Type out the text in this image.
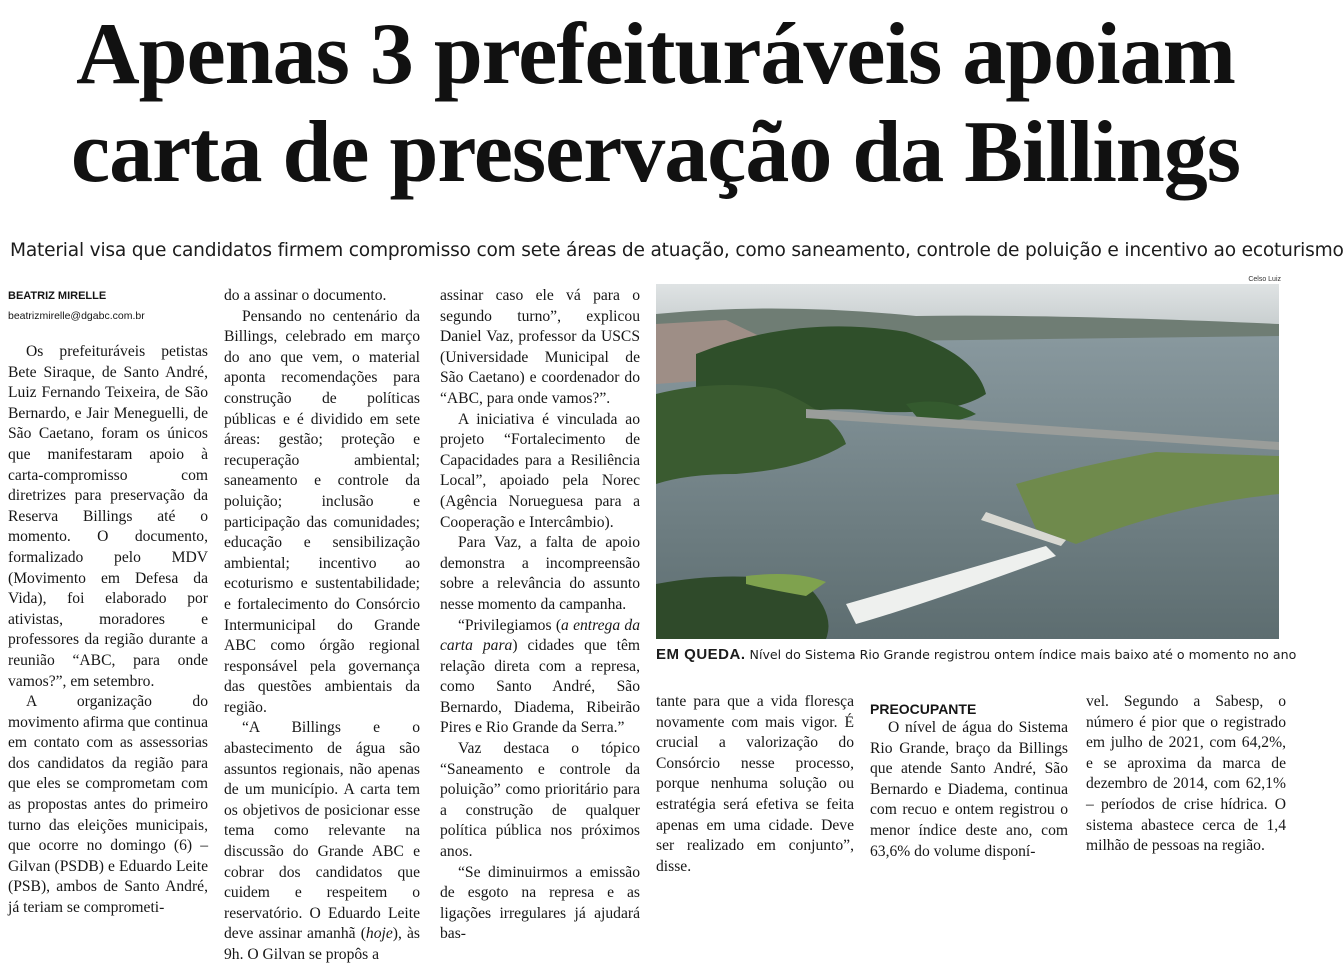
Apenas 3 prefeituráveis apoiam
carta de preservação da Billings
Material visa que candidatos firmem compromisso com sete áreas de atuação, como saneamento, controle de poluição e incentivo ao ecoturismo
Celso Luiz
BEATRIZ MIRELLE
beatrizmirelle@dgabc.com.br

Os prefeituráveis petistas Bete Siraque, de Santo André, Luiz Fernando Teixeira, de São Bernardo, e Jair Meneguelli, de São Caetano, foram os únicos que manifestaram apoio à carta-compromisso com diretrizes para preservação da Reserva Billings até o momento. O documento, formalizado pelo MDV (Movimento em Defesa da Vida), foi elaborado por ativistas, moradores e professores da região durante a reunião “ABC, para onde vamos?”, em setembro.

A organização do movimento afirma que continua em contato com as assessorias dos candidatos da região para que eles se comprometam com as propostas antes do primeiro turno das eleições municipais, que ocorre no domingo (6) – Gilvan (PSDB) e Eduardo Leite (PSB), ambos de Santo André, já teriam se comprometi-

do a assinar o documento.

Pensando no centenário da Billings, celebrado em março do ano que vem, o material aponta recomendações para construção de políticas públicas e é dividido em sete áreas: gestão; proteção e recuperação ambiental; saneamento e controle da poluição; inclusão e participação das comunidades; educação e sensibilização ambiental; incentivo ao ecoturismo e sustentabilidade; e fortalecimento do Consórcio Intermunicipal do Grande ABC como órgão regional responsável pela governança das questões ambientais da região.

“A Billings e o abastecimento de água são assuntos regionais, não apenas de um município. A carta tem os objetivos de posicionar esse tema como relevante na discussão do Grande ABC e cobrar dos candidatos que cuidem e respeitem o reservatório. O Eduardo Leite deve assinar amanhã (hoje), às 9h. O Gilvan se propôs a

assinar caso ele vá para o segundo turno”, explicou Daniel Vaz, professor da USCS (Universidade Municipal de São Caetano) e coordenador do “ABC, para onde vamos?”.

A iniciativa é vinculada ao projeto “Fortalecimento de Capacidades para a Resiliência Local”, apoiado pela Norec (Agência Norueguesa para a Cooperação e Intercâmbio).

Para Vaz, a falta de apoio demonstra a incompreensão sobre a relevância do assunto nesse momento da campanha.

“Privilegiamos (a entrega da carta para) cidades que têm relação direta com a represa, como Santo André, São Bernardo, Diadema, Ribeirão Pires e Rio Grande da Serra.”

Vaz destaca o tópico “Saneamento e controle da poluição” como prioritário para a construção de qualquer política pública nos próximos anos.

“Se diminuirmos a emissão de esgoto na represa e as ligações irregulares já ajudará bas-

EM QUEDA. Nível do Sistema Rio Grande registrou ontem índice mais baixo até o momento no ano

tante para que a vida floresça novamente com mais vigor. É crucial a valorização do Consórcio nesse processo, porque nenhuma solução ou estratégia será efetiva se feita apenas em uma cidade. Deve ser realizado em conjunto”, disse.

PREOCUPANTE

O nível de água do Sistema Rio Grande, braço da Billings que atende Santo André, São Bernardo e Diadema, continua com recuo e ontem registrou o menor índice deste ano, com 63,6% do volume disponí-

vel. Segundo a Sabesp, o número é pior que o registrado em julho de 2021, com 64,2%, e se aproxima da marca de dezembro de 2014, com 62,1% – períodos de crise hídrica. O sistema abastece cerca de 1,4 milhão de pessoas na região.
